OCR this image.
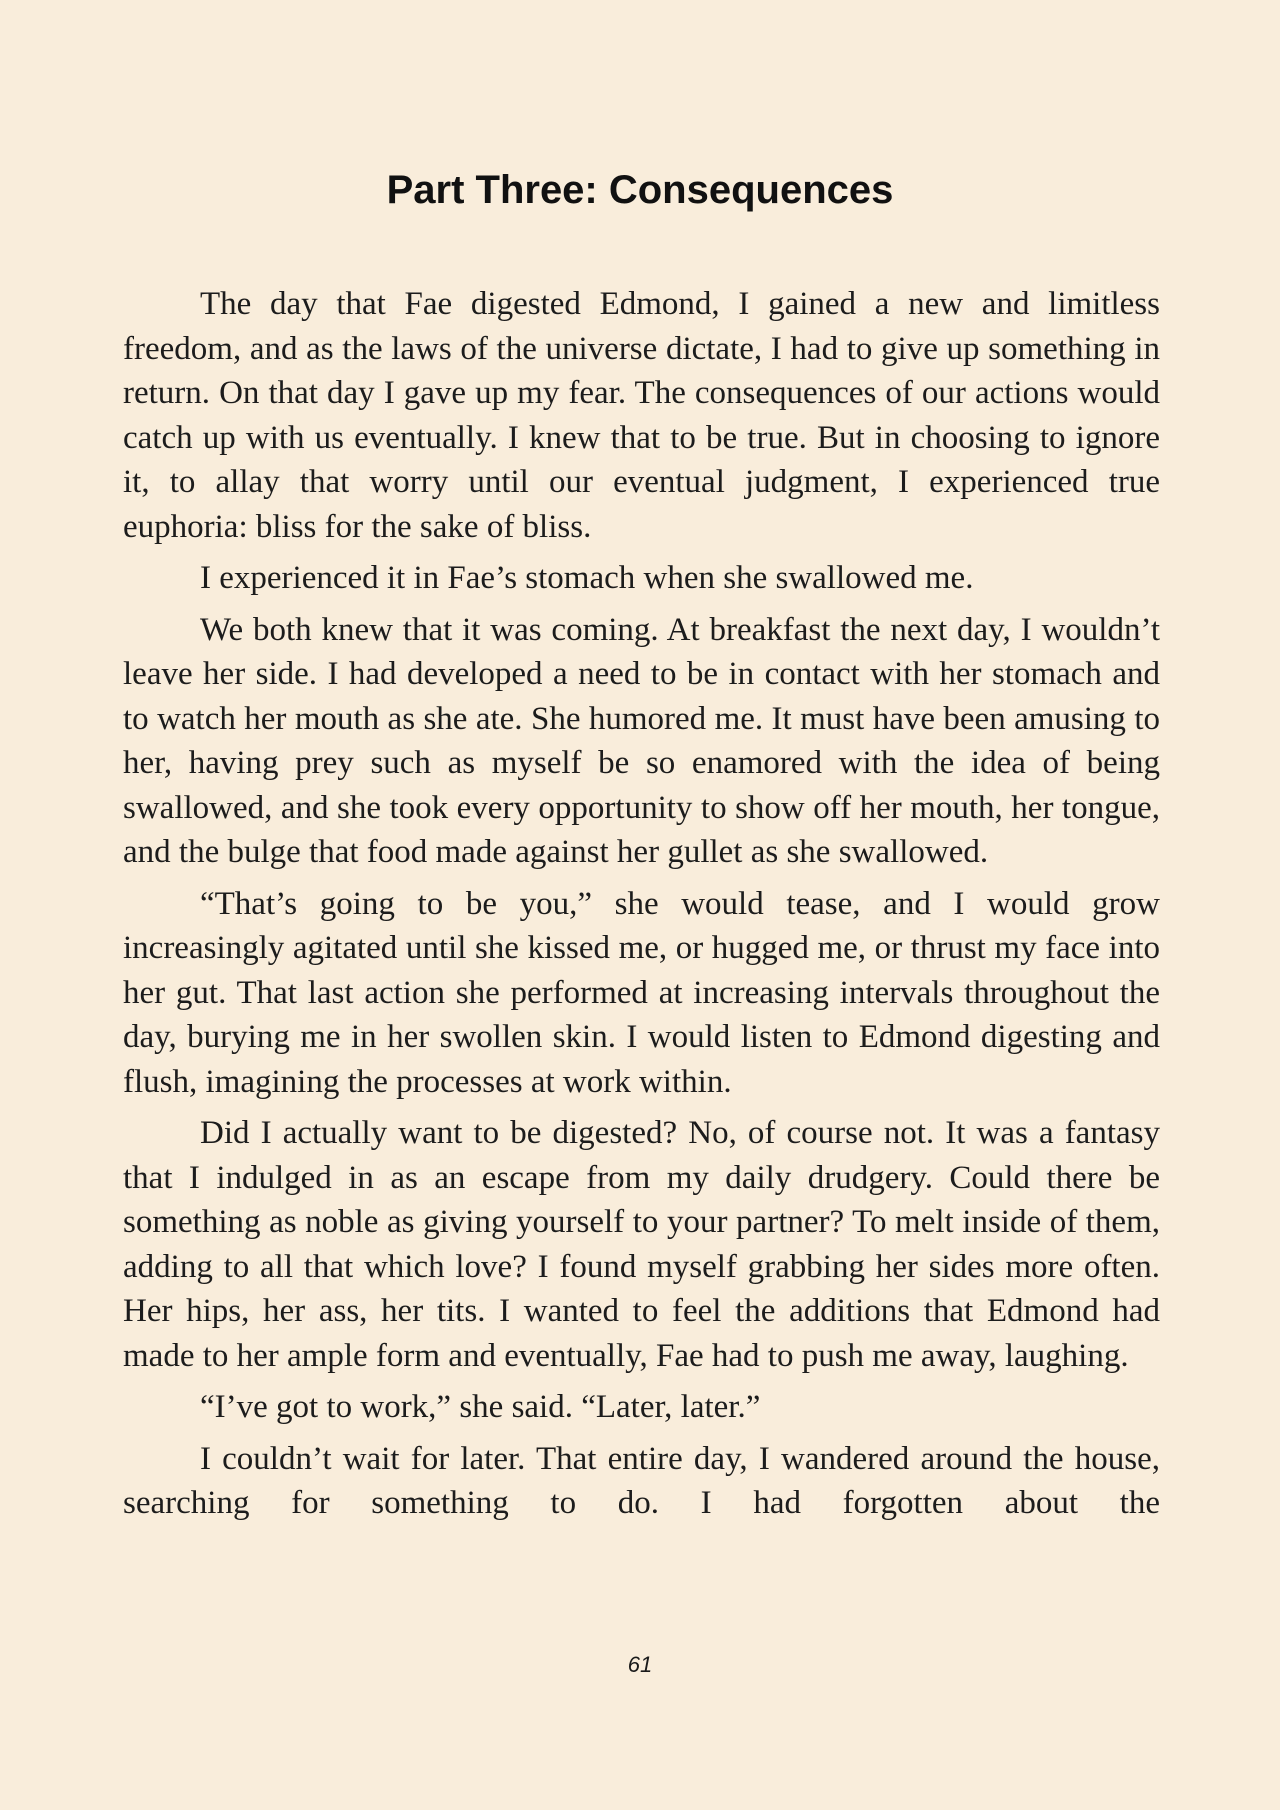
Part Three: Consequences

The day that Fae digested Edmond, I gained a new and limitless freedom, and as the laws of the universe dictate, I had to give up something in return. On that day I gave up my fear. The consequences of our actions would catch up with us eventually. I knew that to be true. But in choosing to ignore it, to allay that worry until our eventual judgment, I experienced true euphoria: bliss for the sake of bliss.

I experienced it in Fae’s stomach when she swallowed me.

We both knew that it was coming. At breakfast the next day, I wouldn’t leave her side. I had developed a need to be in contact with her stomach and to watch her mouth as she ate. She humored me. It must have been amusing to her, having prey such as myself be so enamored with the idea of being swallowed, and she took every opportunity to show off her mouth, her tongue, and the bulge that food made against her gullet as she swallowed.

“That’s going to be you,” she would tease, and I would grow increasingly agitated until she kissed me, or hugged me, or thrust my face into her gut. That last action she performed at increasing intervals throughout the day, burying me in her swollen skin. I would listen to Edmond digesting and flush, imagining the processes at work within.

Did I actually want to be digested? No, of course not. It was a fantasy that I indulged in as an escape from my daily drudgery. Could there be something as noble as giving yourself to your partner? To melt inside of them, adding to all that which love? I found myself grabbing her sides more often. Her hips, her ass, her tits. I wanted to feel the additions that Edmond had made to her ample form and eventually, Fae had to push me away, laughing.

“I’ve got to work,” she said. “Later, later.”

I couldn’t wait for later. That entire day, I wandered around the house, searching for something to do. I had forgotten about the

61
